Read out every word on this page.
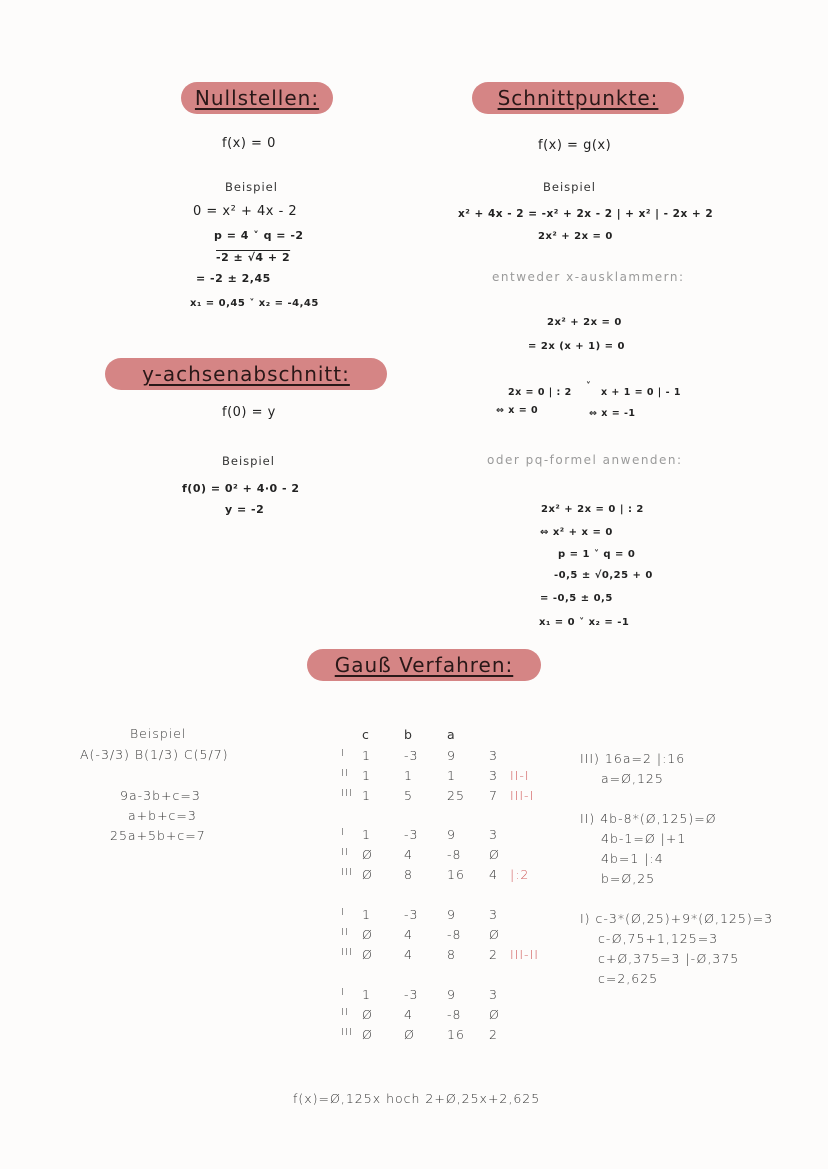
Nullstellen:
f(x) = 0
Beispiel
0 = x² + 4x - 2
p = 4 ˅ q = -2
-2 ± √4 + 2
= -2 ± 2,45
x₁ = 0,45 ˅ x₂ = -4,45
Schnittpunkte:
f(x) = g(x)
Beispiel
x² + 4x - 2 = -x² + 2x - 2 | + x² | - 2x + 2
2x² + 2x = 0
entweder x-ausklammern:
2x² + 2x = 0
= 2x (x + 1) = 0
2x = 0 | : 2
⇔ x = 0
˅
x + 1 = 0 | - 1
⇔ x = -1
oder pq-formel anwenden:
2x² + 2x = 0 | : 2
⇔ x² + x = 0
p = 1 ˅ q = 0
-0,5 ± √0,25 + 0
= -0,5 ± 0,5
x₁ = 0 ˅ x₂ = -1
y-achsenabschnitt:
f(0) = y
Beispiel
f(0) = 0² + 4·0 - 2
y = -2
Gauß Verfahren:
Beispiel
A(-3/3) B(1/3) C(5/7)
9a-3b+c=3
a+b+c=3
25a+5b+c=7
c	b	a
I 1	-3 9	3
II 1	1	1	3 II-I
III 1	5	25 7 III-I
I 1	-3 9	3
II Ø 4	-8 Ø
III Ø 8	16 4 |:2
I 1	-3 9	3
II Ø 4	-8 Ø
III Ø 4	8	2 III-II
I 1	-3 9	3
II Ø 4	-8 Ø
III Ø Ø	16 2
III) 16a=2 |:16
a=Ø,125
II) 4b-8*(Ø,125)=Ø
4b-1=Ø |+1
4b=1 |:4
b=Ø,25
I) c-3*(Ø,25)+9*(Ø,125)=3
c-Ø,75+1,125=3
c+Ø,375=3 |-Ø,375
c=2,625
f(x)=Ø,125x hoch 2+Ø,25x+2,625
